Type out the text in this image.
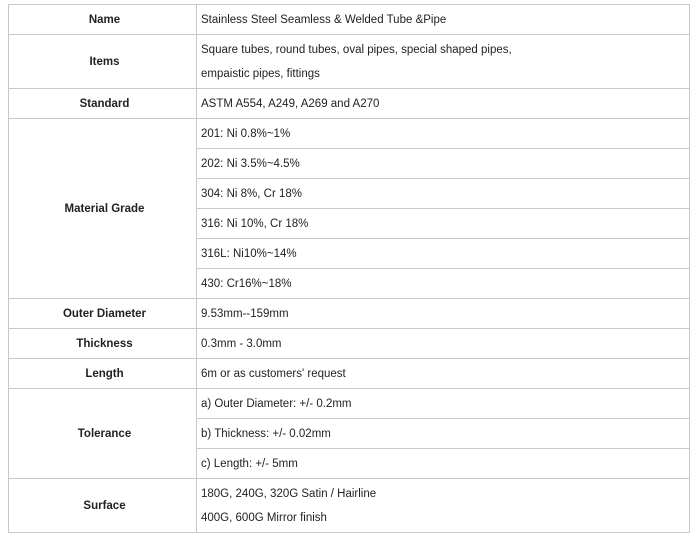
Name	Stainless Steel Seamless & Welded Tube &Pipe
Items	Square tubes, round tubes, oval pipes, special shaped pipes,
empaistic pipes, fittings

Standard	ASTM A554, A249, A269 and A270
Material Grade	201: Ni 0.8%~1%
	202: Ni 3.5%~4.5%
	304: Ni 8%, Cr 18%
	316: Ni 10%, Cr 18%
	316L: Ni10%~14%
	430: Cr16%~18%
Outer Diameter	9.53mm--159mm
Thickness	0.3mm - 3.0mm
Length	6m or as customers' request
Tolerance	a) Outer Diameter: +/- 0.2mm
	b) Thickness: +/- 0.02mm
	c) Length: +/- 5mm
Surface	180G, 240G, 320G Satin / Hairline
400G, 600G Mirror finish
